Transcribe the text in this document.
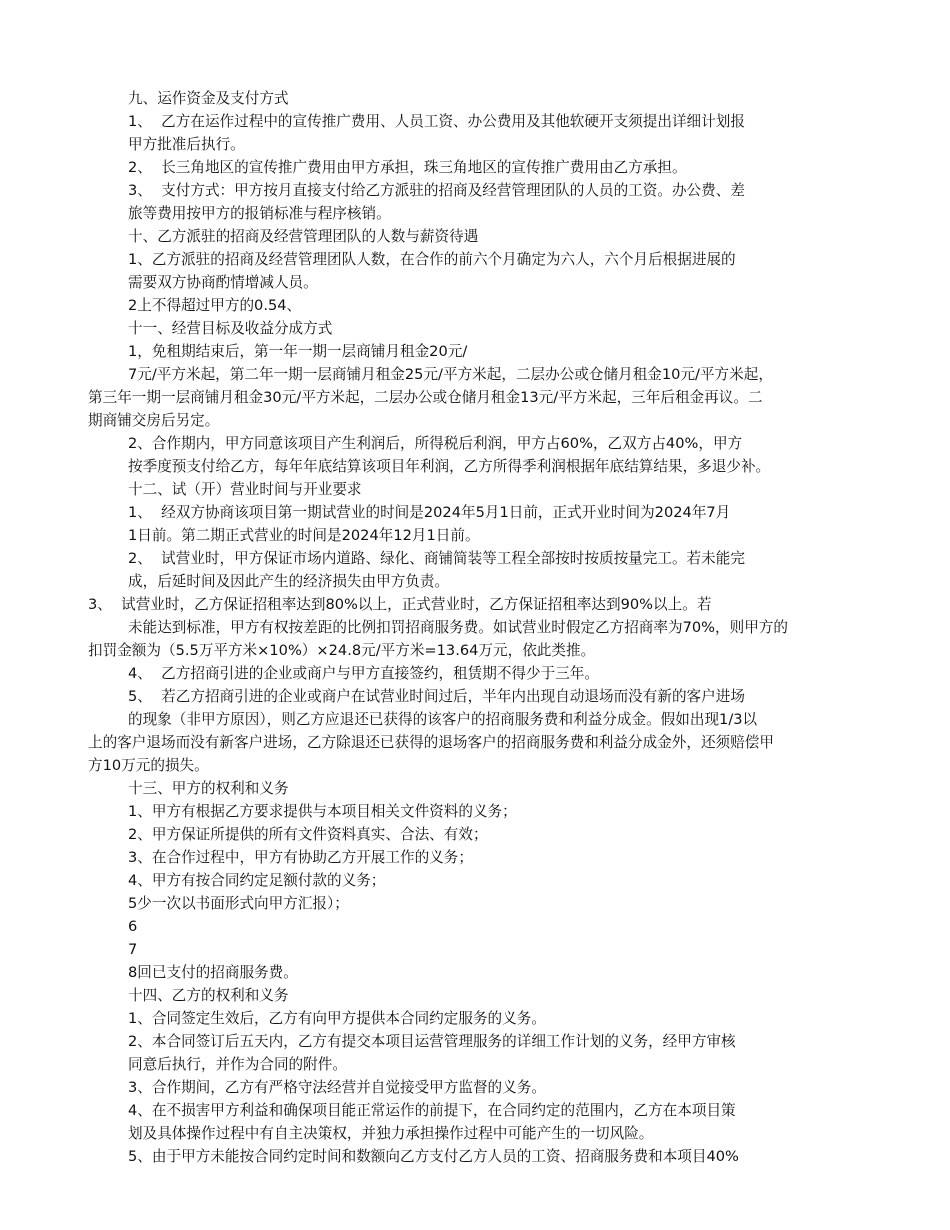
九、运作资金及支付方式
1、  乙方在运作过程中的宣传推广费用、人员工资、办公费用及其他软硬开支须提出详细计划报
甲方批准后执行。
2、  长三角地区的宣传推广费用由甲方承担，珠三角地区的宣传推广费用由乙方承担。
3、  支付方式：甲方按月直接支付给乙方派驻的招商及经营管理团队的人员的工资。办公费、差
旅等费用按甲方的报销标准与程序核销。
十、乙方派驻的招商及经营管理团队的人数与薪资待遇
1、乙方派驻的招商及经营管理团队人数，在合作的前六个月确定为六人，六个月后根据进展的
需要双方协商酌情增减人员。
2上不得超过甲方的0.54、
十一、经营目标及收益分成方式
1，免租期结束后，第一年一期一层商铺月租金20元/
7元/平方米起，第二年一期一层商铺月租金25元/平方米起，二层办公或仓储月租金10元/平方米起，
第三年一期一层商铺月租金30元/平方米起，二层办公或仓储月租金13元/平方米起，三年后租金再议。二
期商铺交房后另定。
2、合作期内，甲方同意该项目产生利润后，所得税后利润，甲方占60%，乙双方占40%，甲方
按季度预支付给乙方，每年年底结算该项目年利润，乙方所得季利润根据年底结算结果，多退少补。
十二、试（开）营业时间与开业要求
1、  经双方协商该项目第一期试营业的时间是2024年5月1日前，正式开业时间为2024年7月
1日前。第二期正式营业的时间是2024年12月1日前。
2、  试营业时，甲方保证市场内道路、绿化、商铺简装等工程全部按时按质按量完工。若未能完
成，后延时间及因此产生的经济损失由甲方负责。
3、  试营业时，乙方保证招租率达到80%以上，正式营业时，乙方保证招租率达到90%以上。若
未能达到标准，甲方有权按差距的比例扣罚招商服务费。如试营业时假定乙方招商率为70%，则甲方的
扣罚金额为（5.5万平方米×10%）×24.8元/平方米=13.64万元，依此类推。
4、  乙方招商引进的企业或商户与甲方直接签约，租赁期不得少于三年。
5、  若乙方招商引进的企业或商户在试营业时间过后，半年内出现自动退场而没有新的客户进场
的现象（非甲方原因），则乙方应退还已获得的该客户的招商服务费和利益分成金。假如出现1/3以
上的客户退场而没有新客户进场，乙方除退还已获得的退场客户的招商服务费和利益分成金外，还须赔偿甲
方10万元的损失。
十三、甲方的权利和义务
1、甲方有根据乙方要求提供与本项目相关文件资料的义务；
2、甲方保证所提供的所有文件资料真实、合法、有效；
3、在合作过程中，甲方有协助乙方开展工作的义务；
4、甲方有按合同约定足额付款的义务；
5少一次以书面形式向甲方汇报）；
6
7
8回已支付的招商服务费。
十四、乙方的权利和义务
1、合同签定生效后，乙方有向甲方提供本合同约定服务的义务。
2、本合同签订后五天内，乙方有提交本项目运营管理服务的详细工作计划的义务，经甲方审核
同意后执行，并作为合同的附件。
3、合作期间，乙方有严格守法经营并自觉接受甲方监督的义务。
4、在不损害甲方利益和确保项目能正常运作的前提下，在合同约定的范围内，乙方在本项目策
划及具体操作过程中有自主决策权，并独力承担操作过程中可能产生的一切风险。
5、由于甲方未能按合同约定时间和数额向乙方支付乙方人员的工资、招商服务费和本项目40%
